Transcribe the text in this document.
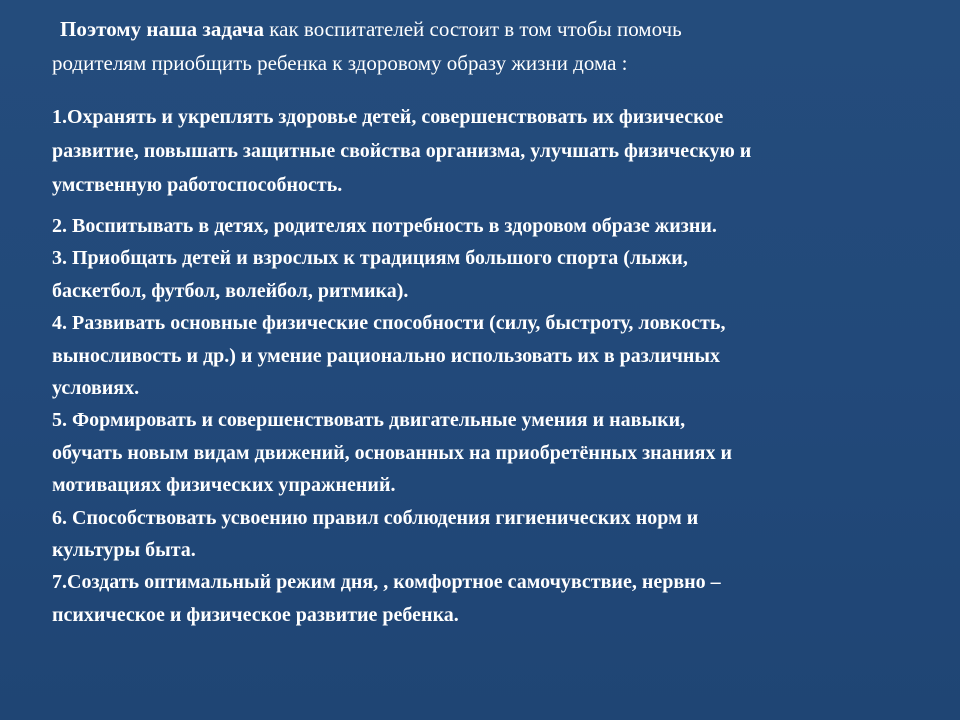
Поэтому наша задача как воспитателей состоит в том чтобы помочь
родителям приобщить ребенка к здоровому образу жизни дома :

1.Охранять и укреплять здоровье детей, совершенствовать их физическое
развитие, повышать защитные свойства организма, улучшать физическую и
умственную работоспособность.

2. Воспитывать в детях, родителях потребность в здоровом образе жизни.
3. Приобщать детей и взрослых к традициям большого спорта (лыжи,
баскетбол, футбол, волейбол, ритмика).
4. Развивать основные физические способности (силу, быстроту, ловкость,
выносливость и др.) и умение рационально использовать их в различных
условиях.
5. Формировать и совершенствовать двигательные умения и навыки,
обучать новым видам движений, основанных на приобретённых знаниях и
мотивациях физических упражнений.
6. Способствовать усвоению правил соблюдения гигиенических норм и
культуры быта.
7.Создать оптимальный режим дня, , комфортное самочувствие, нервно –
психическое и физическое развитие ребенка.
